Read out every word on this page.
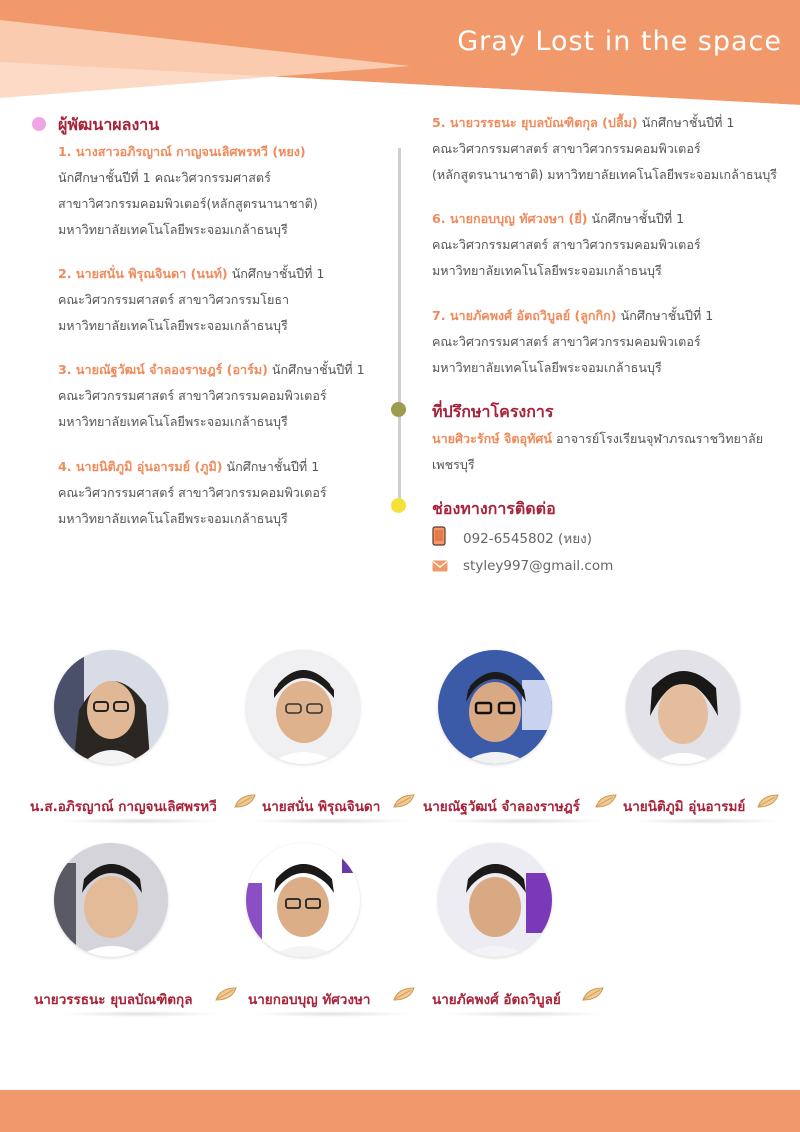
Gray Lost in the space
ผู้พัฒนาผลงาน
1. นางสาวอภิรญาณ์ กาญจนเลิศพรหวี (หยง)
นักศึกษาชั้นปีที่ 1 คณะวิศวกรรมศาสตร์
สาขาวิศวกรรมคอมพิวเตอร์(หลักสูตรนานาชาติ)
มหาวิทยาลัยเทคโนโลยีพระจอมเกล้าธนบุรี
2. นายสนั่น พิรุณจินดา (นนท์) นักศึกษาชั้นปีที่ 1
คณะวิศวกรรมศาสตร์ สาขาวิศวกรรมโยธา
มหาวิทยาลัยเทคโนโลยีพระจอมเกล้าธนบุรี
3. นายณัฐวัฒน์ จำลองราษฎร์ (อาร์ม) นักศึกษาชั้นปีที่ 1
คณะวิศวกรรมศาสตร์ สาขาวิศวกรรมคอมพิวเตอร์
มหาวิทยาลัยเทคโนโลยีพระจอมเกล้าธนบุรี
4. นายนิติภูมิ อุ่นอารมย์ (ภูมิ) นักศึกษาชั้นปีที่ 1
คณะวิศวกรรมศาสตร์ สาขาวิศวกรรมคอมพิวเตอร์
มหาวิทยาลัยเทคโนโลยีพระจอมเกล้าธนบุรี
5. นายวรรธนะ ยุบลบัณฑิตกุล (ปลื้ม) นักศึกษาชั้นปีที่ 1
คณะวิศวกรรมศาสตร์ สาขาวิศวกรรมคอมพิวเตอร์
(หลักสูตรนานาชาติ) มหาวิทยาลัยเทคโนโลยีพระจอมเกล้าธนบุรี
6. นายกอบบุญ ทัศวงษา (ยี่) นักศึกษาชั้นปีที่ 1
คณะวิศวกรรมศาสตร์ สาขาวิศวกรรมคอมพิวเตอร์
มหาวิทยาลัยเทคโนโลยีพระจอมเกล้าธนบุรี
7. นายภัคพงศ์ อัตถวิบูลย์ (ลูกกิก) นักศึกษาชั้นปีที่ 1
คณะวิศวกรรมศาสตร์ สาขาวิศวกรรมคอมพิวเตอร์
มหาวิทยาลัยเทคโนโลยีพระจอมเกล้าธนบุรี
ที่ปรึกษาโครงการ
นายศิวะรักษ์ จิตอุทัศน์ อาจารย์โรงเรียนจุฬาภรณราชวิทยาลัย
เพชรบุรี
ช่องทางการติดต่อ
092-6545802 (หยง)
styley997@gmail.com
น.ส.อภิรญาณ์ กาญจนเลิศพรหวี	นายสนั่น พิรุณจินดา	นายณัฐวัฒน์ จำลองราษฎร์	นายนิติภูมิ อุ่นอารมย์
นายวรรธนะ ยุบลบัณฑิตกุล	นายกอบบุญ ทัศวงษา	นายภัคพงศ์ อัตถวิบูลย์
